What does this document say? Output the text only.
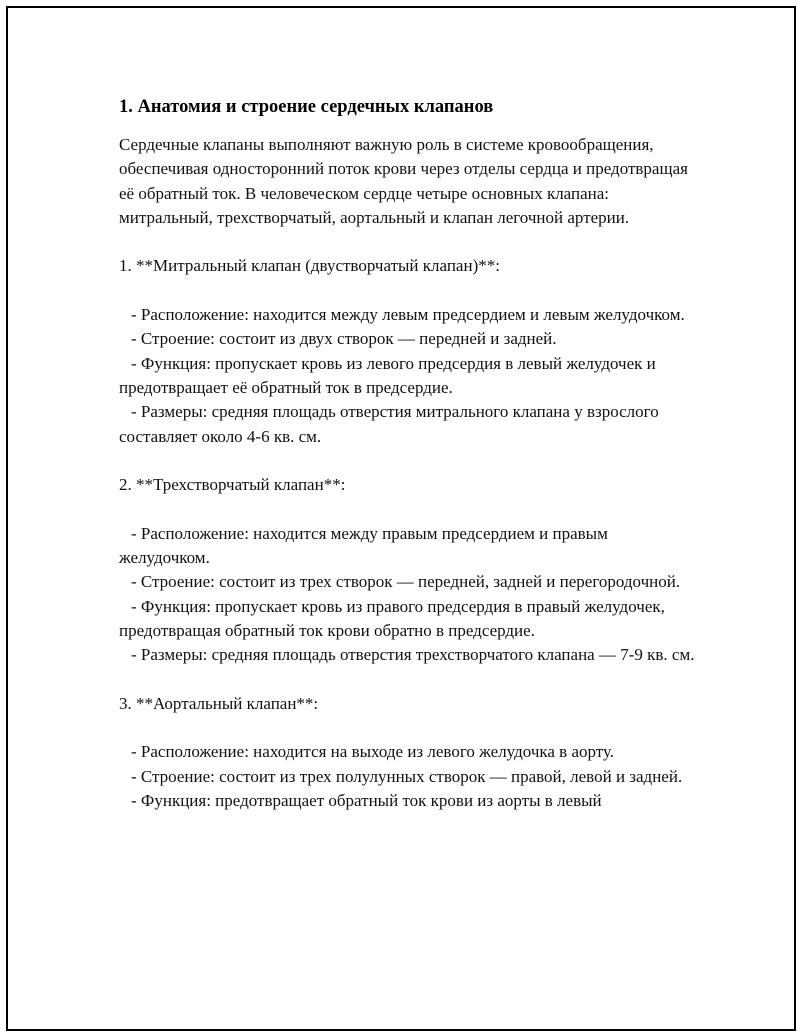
1. Анатомия и строение сердечных клапанов

Сердечные клапаны выполняют важную роль в системе кровообращения, обеспечивая односторонний поток крови через отделы сердца и предотвращая её обратный ток. В человеческом сердце четыре основных клапана: митральный, трехстворчатый, аортальный и клапан легочной артерии.

1. **Митральный клапан (двустворчатый клапан)**:

- Расположение: находится между левым предсердием и левым желудочком.

- Строение: состоит из двух створок — передней и задней.

- Функция: пропускает кровь из левого предсердия в левый желудочек и предотвращает её обратный ток в предсердие.

- Размеры: средняя площадь отверстия митрального клапана у взрослого составляет около 4-6 кв. см.

2. **Трехстворчатый клапан**:

- Расположение: находится между правым предсердием и правым желудочком.

- Строение: состоит из трех створок — передней, задней и перегородочной.

- Функция: пропускает кровь из правого предсердия в правый желудочек, предотвращая обратный ток крови обратно в предсердие.

- Размеры: средняя площадь отверстия трехстворчатого клапана — 7-9 кв. см.

3. **Аортальный клапан**:

- Расположение: находится на выходе из левого желудочка в аорту.

- Строение: состоит из трех полулунных створок — правой, левой и задней.

- Функция: предотвращает обратный ток крови из аорты в левый
